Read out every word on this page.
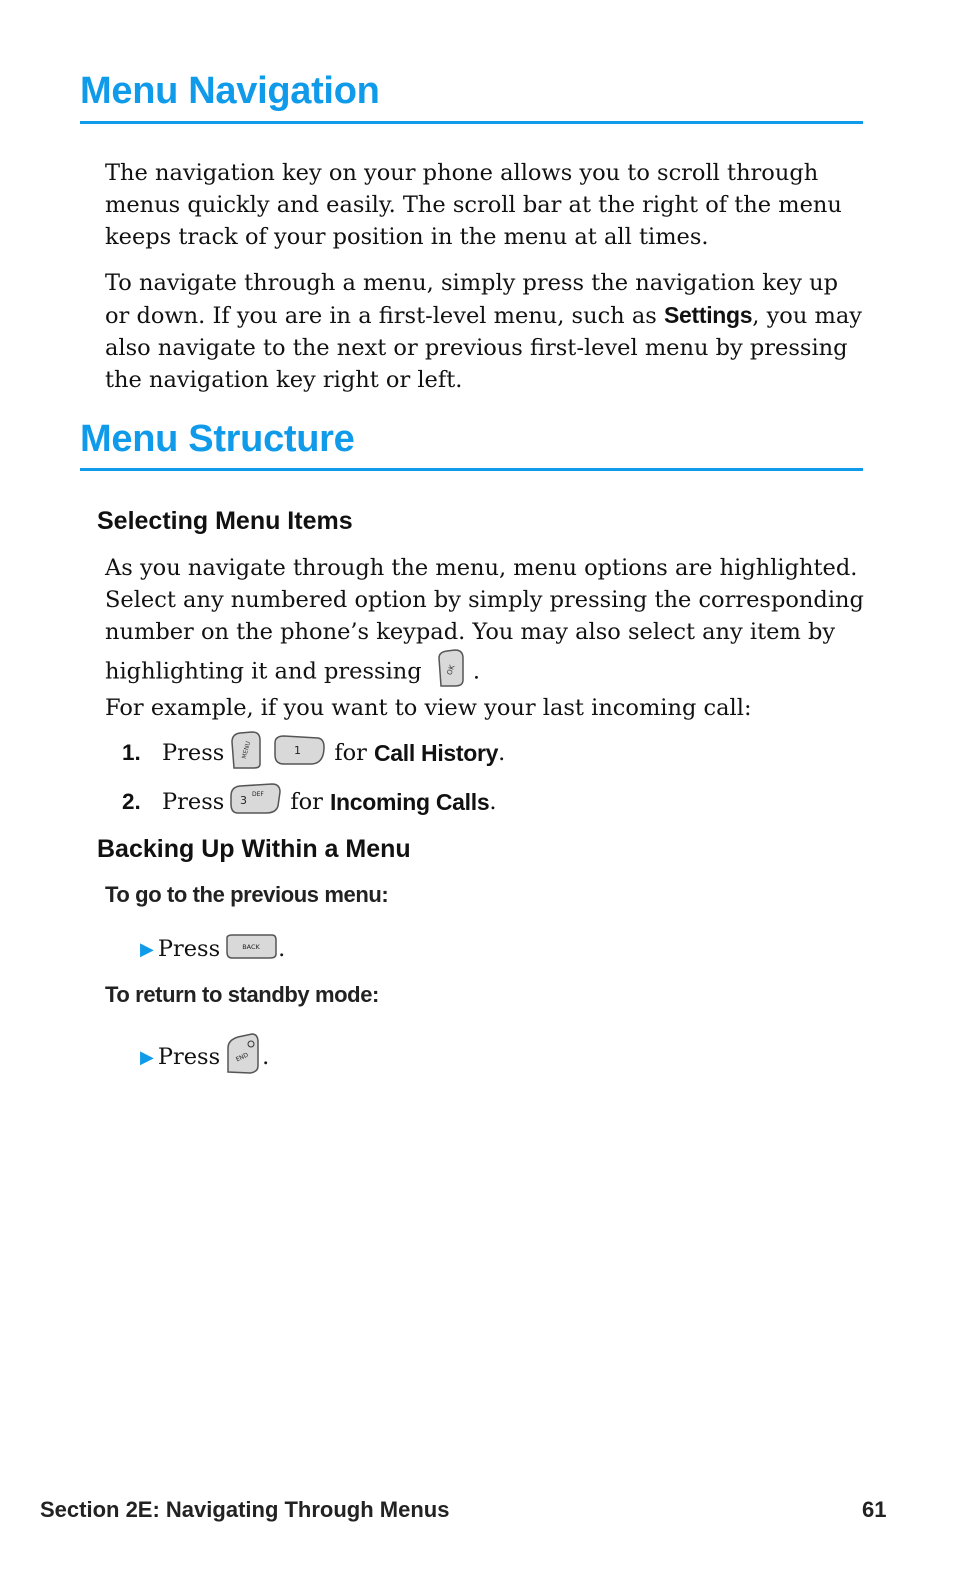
Menu Navigation

The navigation key on your phone allows you to scroll through menus quickly and easily. The scroll bar at the right of the menu keeps track of your position in the menu at all times.

To navigate through a menu, simply press the navigation key up or down. If you are in a first-level menu, such as Settings, you may also navigate to the next or previous first-level menu by pressing the navigation key right or left.

Menu Structure
Selecting Menu Items

As you navigate through the menu, menu options are highlighted. Select any numbered option by simply pressing the corresponding number on the phone’s keypad. You may also select any item by highlighting it and pressing	OK .

For example, if you want to view your last incoming call:

1. Press	MENU	1 for Call History .
2. Press 3 DEF for Incoming Calls .
Backing Up Within a Menu
To go to the previous menu:
▶ Press	BACK .
To return to standby mode:
▶ Press END .
Section 2E: Navigating Through Menus	61
